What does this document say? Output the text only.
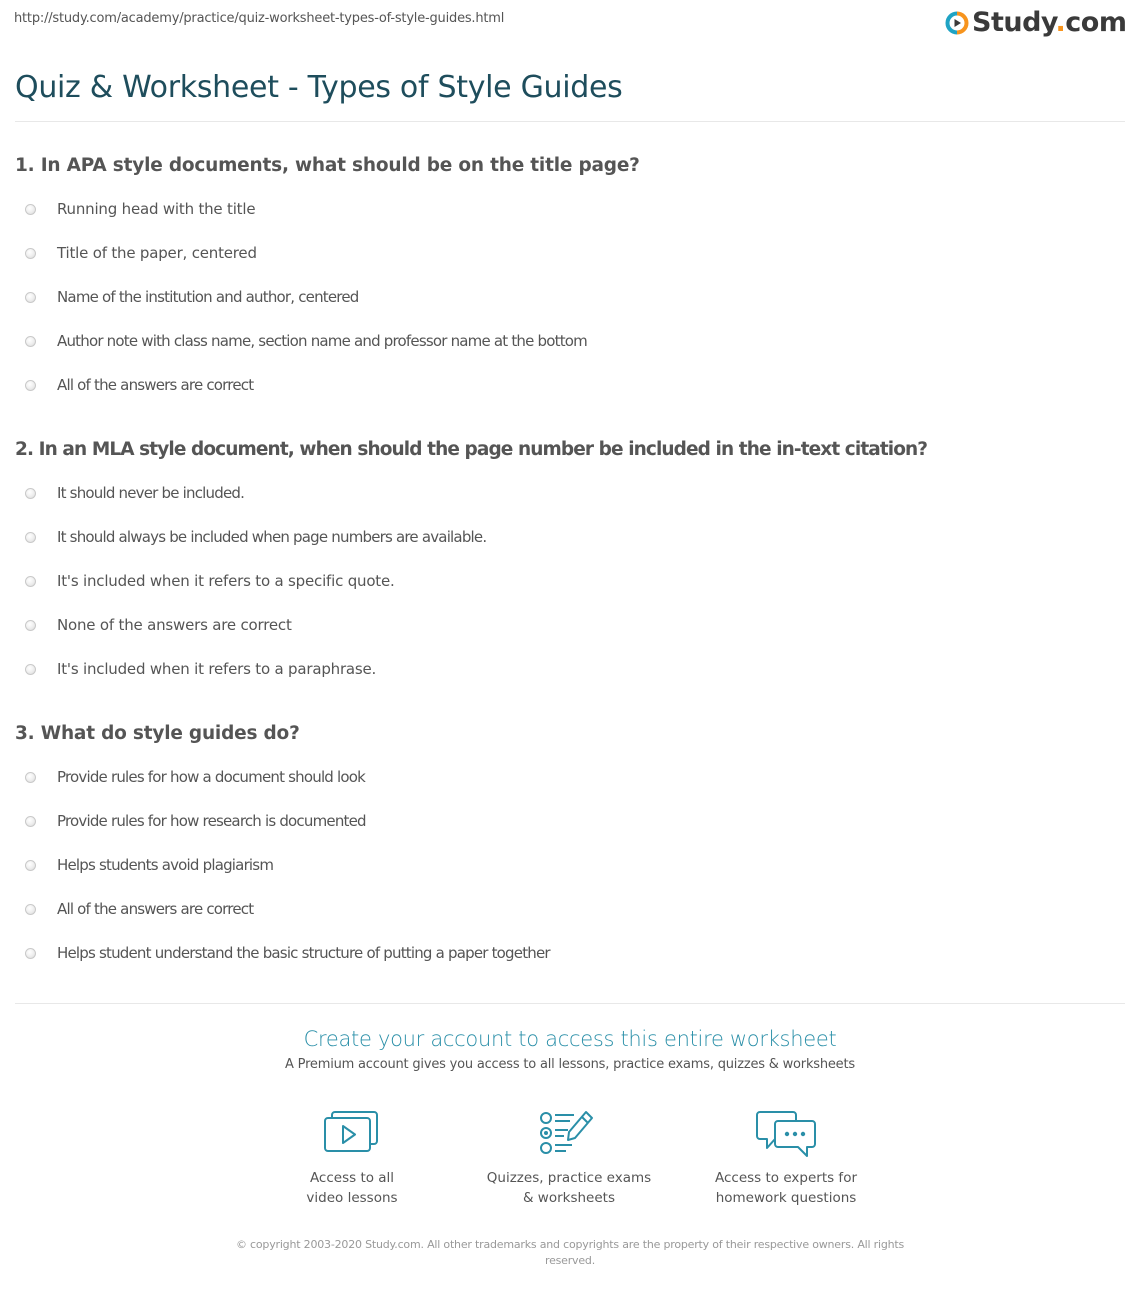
http://study.com/academy/practice/quiz-worksheet-types-of-style-guides.html	Study.com
Quiz & Worksheet - Types of Style Guides
1. In APA style documents, what should be on the title page?
Running head with the title
Title of the paper, centered
Name of the institution and author, centered
Author note with class name, section name and professor name at the bottom
All of the answers are correct
2. In an MLA style document, when should the page number be included in the in-text citation?
It should never be included.
It should always be included when page numbers are available.
It's included when it refers to a specific quote.
None of the answers are correct
It's included when it refers to a paraphrase.
3. What do style guides do?
Provide rules for how a document should look
Provide rules for how research is documented
Helps students avoid plagiarism
All of the answers are correct
Helps student understand the basic structure of putting a paper together
Create your account to access this entire worksheet
A Premium account gives you access to all lessons, practice exams, quizzes & worksheets
Access to all
video lessons
Quizzes, practice exams
& worksheets
Access to experts for
homework questions
© copyright 2003-2020 Study.com. All other trademarks and copyrights are the property of their respective owners. All rights reserved.
